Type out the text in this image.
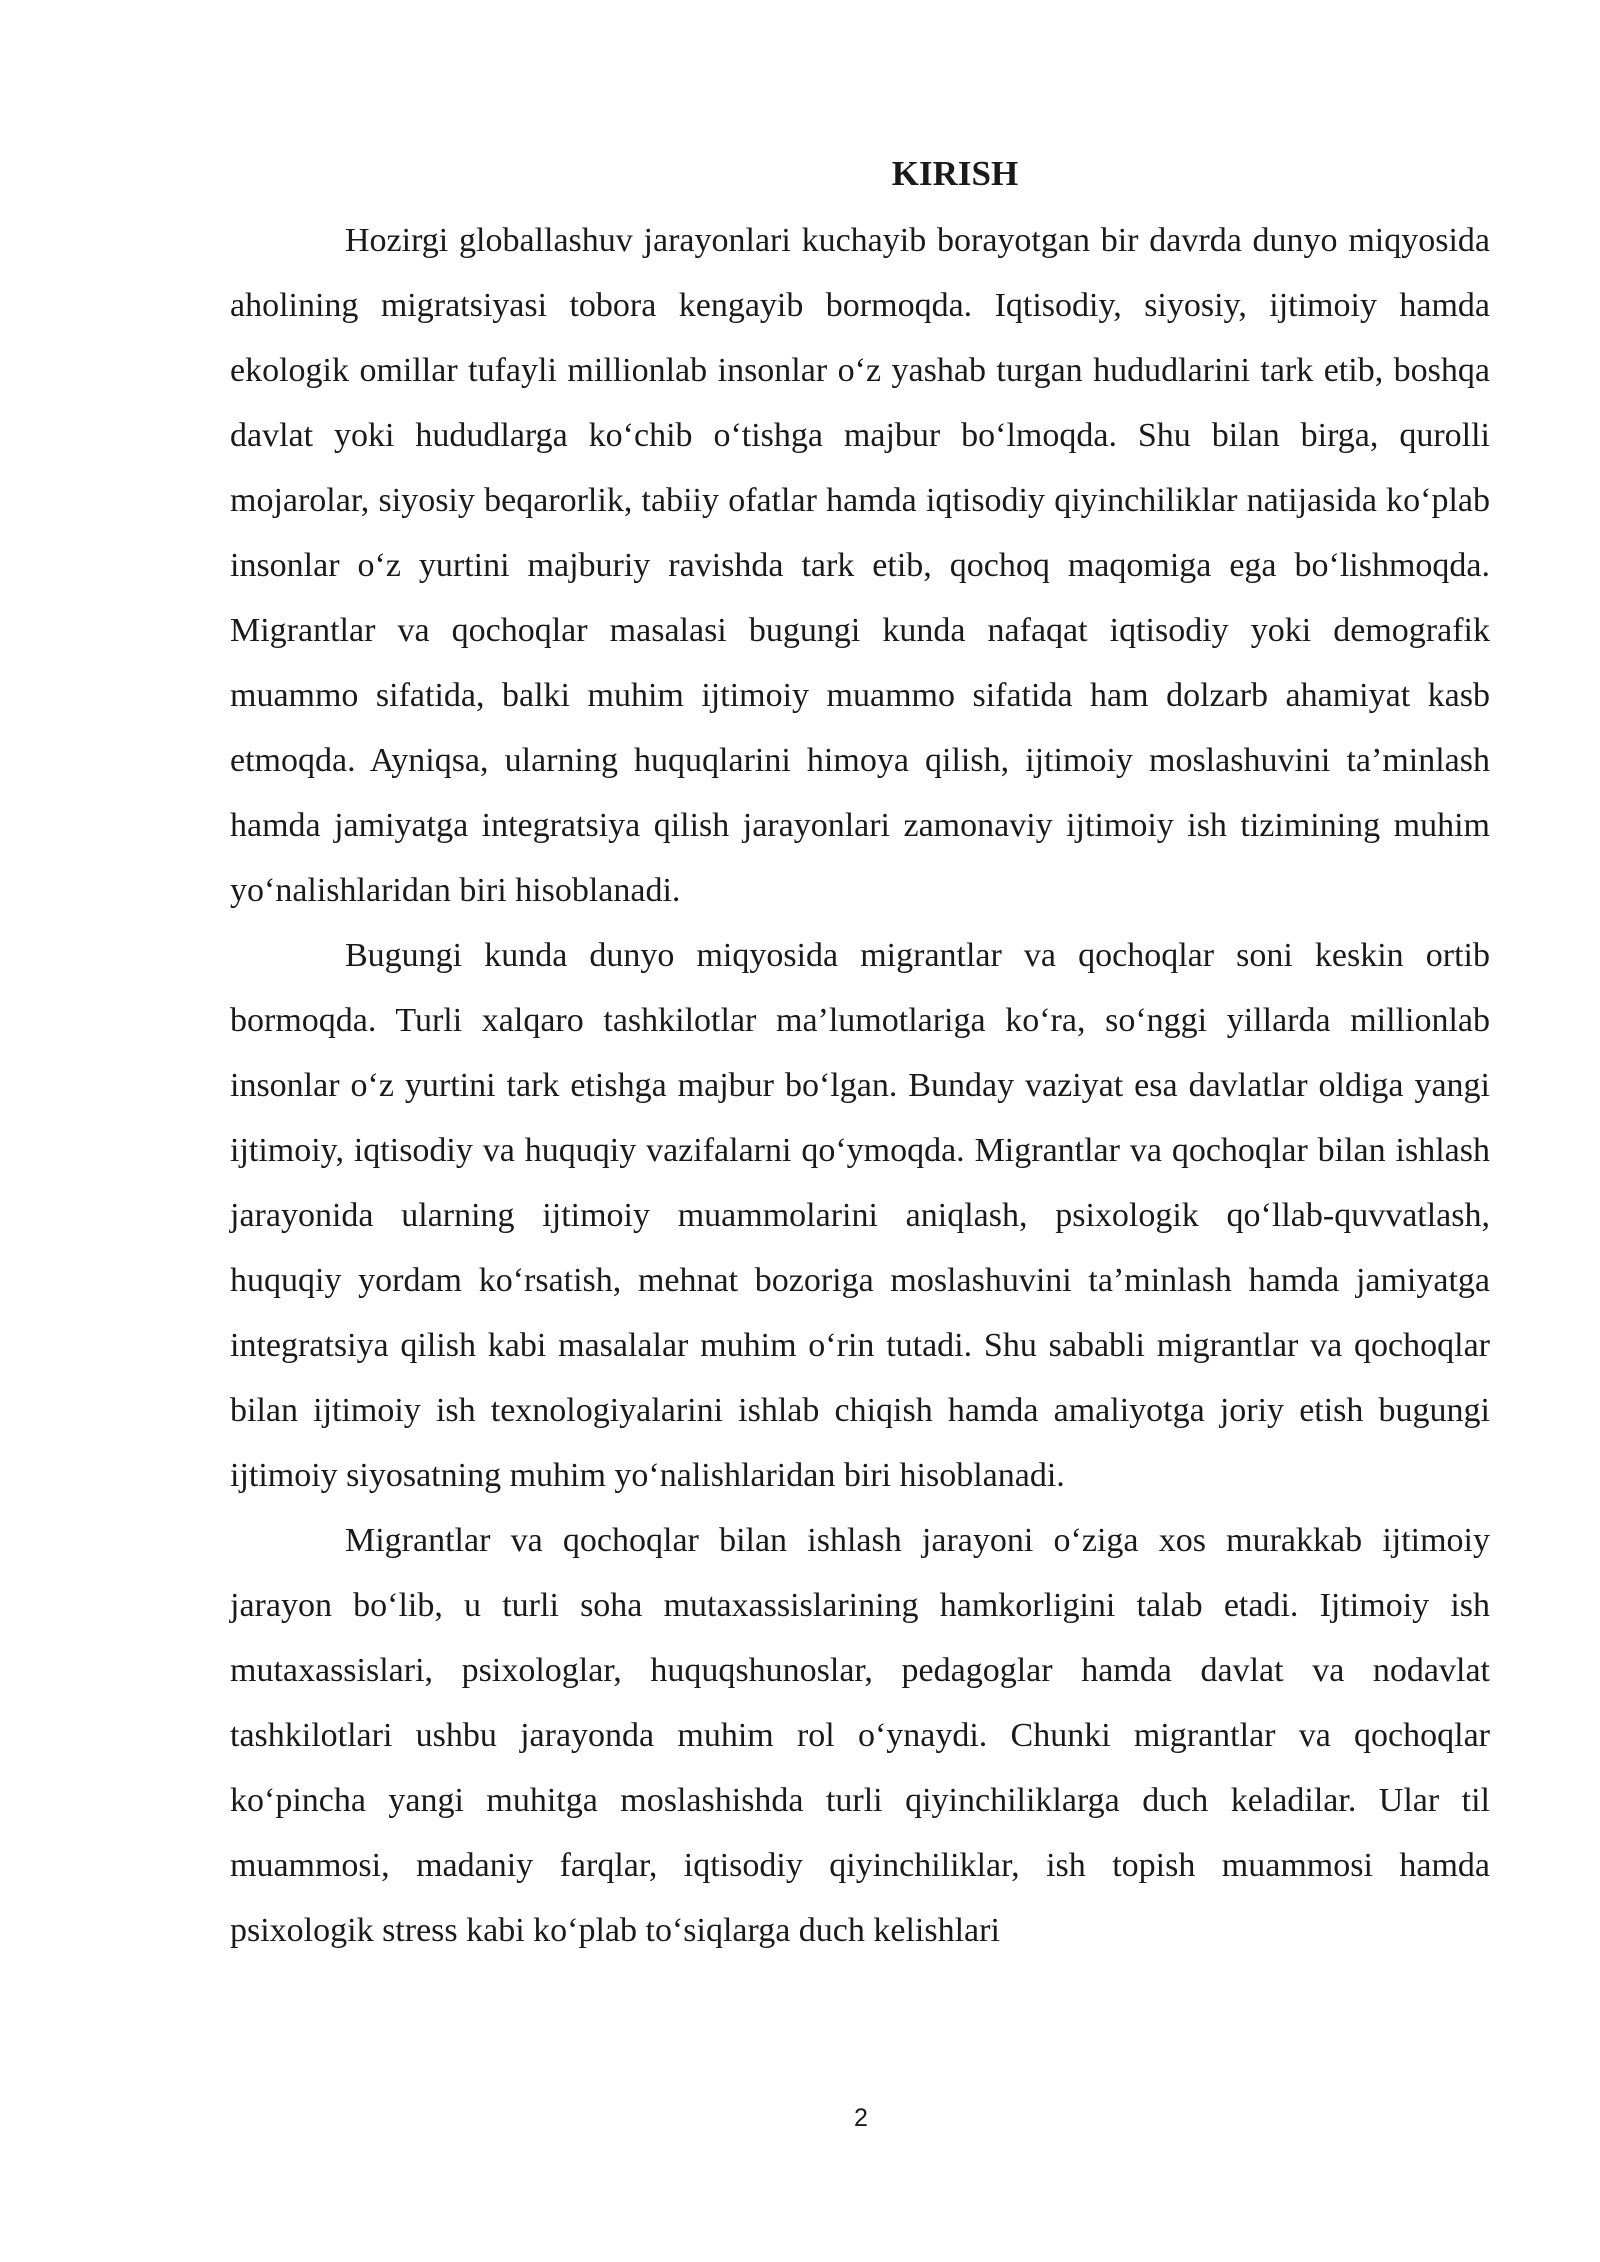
KIRISH

Hozirgi globallashuv jarayonlari kuchayib borayotgan bir davrda dunyo miqyosida aholining migratsiyasi tobora kengayib bormoqda. Iqtisodiy, siyosiy, ijtimoiy hamda ekologik omillar tufayli millionlab insonlar o‘z yashab turgan hududlarini tark etib, boshqa davlat yoki hududlarga ko‘chib o‘tishga majbur bo‘lmoqda. Shu bilan birga, qurolli mojarolar, siyosiy beqarorlik, tabiiy ofatlar hamda iqtisodiy qiyinchiliklar natijasida ko‘plab insonlar o‘z yurtini majburiy ravishda tark etib, qochoq maqomiga ega bo‘lishmoqda. Migrantlar va qochoqlar masalasi bugungi kunda nafaqat iqtisodiy yoki demografik muammo sifatida, balki muhim ijtimoiy muammo sifatida ham dolzarb ahamiyat kasb etmoqda. Ayniqsa, ularning huquqlarini himoya qilish, ijtimoiy moslashuvini ta’minlash hamda jamiyatga integratsiya qilish jarayonlari zamonaviy ijtimoiy ish tizimining muhim yo‘nalishlaridan biri hisoblanadi.

Bugungi kunda dunyo miqyosida migrantlar va qochoqlar soni keskin ortib bormoqda. Turli xalqaro tashkilotlar ma’lumotlariga ko‘ra, so‘nggi yillarda millionlab insonlar o‘z yurtini tark etishga majbur bo‘lgan. Bunday vaziyat esa davlatlar oldiga yangi ijtimoiy, iqtisodiy va huquqiy vazifalarni qo‘ymoqda. Migrantlar va qochoqlar bilan ishlash jarayonida ularning ijtimoiy muammolarini aniqlash, psixologik qo‘llab-quvvatlash, huquqiy yordam ko‘rsatish, mehnat bozoriga moslashuvini ta’minlash hamda jamiyatga integratsiya qilish kabi masalalar muhim o‘rin tutadi. Shu sababli migrantlar va qochoqlar bilan ijtimoiy ish texnologiyalarini ishlab chiqish hamda amaliyotga joriy etish bugungi ijtimoiy siyosatning muhim yo‘nalishlaridan biri hisoblanadi.

Migrantlar va qochoqlar bilan ishlash jarayoni o‘ziga xos murakkab ijtimoiy jarayon bo‘lib, u turli soha mutaxassislarining hamkorligini talab etadi. Ijtimoiy ish mutaxassislari, psixologlar, huquqshunoslar, pedagoglar hamda davlat va nodavlat tashkilotlari ushbu jarayonda muhim rol o‘ynaydi. Chunki migrantlar va qochoqlar ko‘pincha yangi muhitga moslashishda turli qiyinchiliklarga duch keladilar. Ular til muammosi, madaniy farqlar, iqtisodiy qiyinchiliklar, ish topish muammosi hamda psixologik stress kabi ko‘plab to‘siqlarga duch kelishlari

2
